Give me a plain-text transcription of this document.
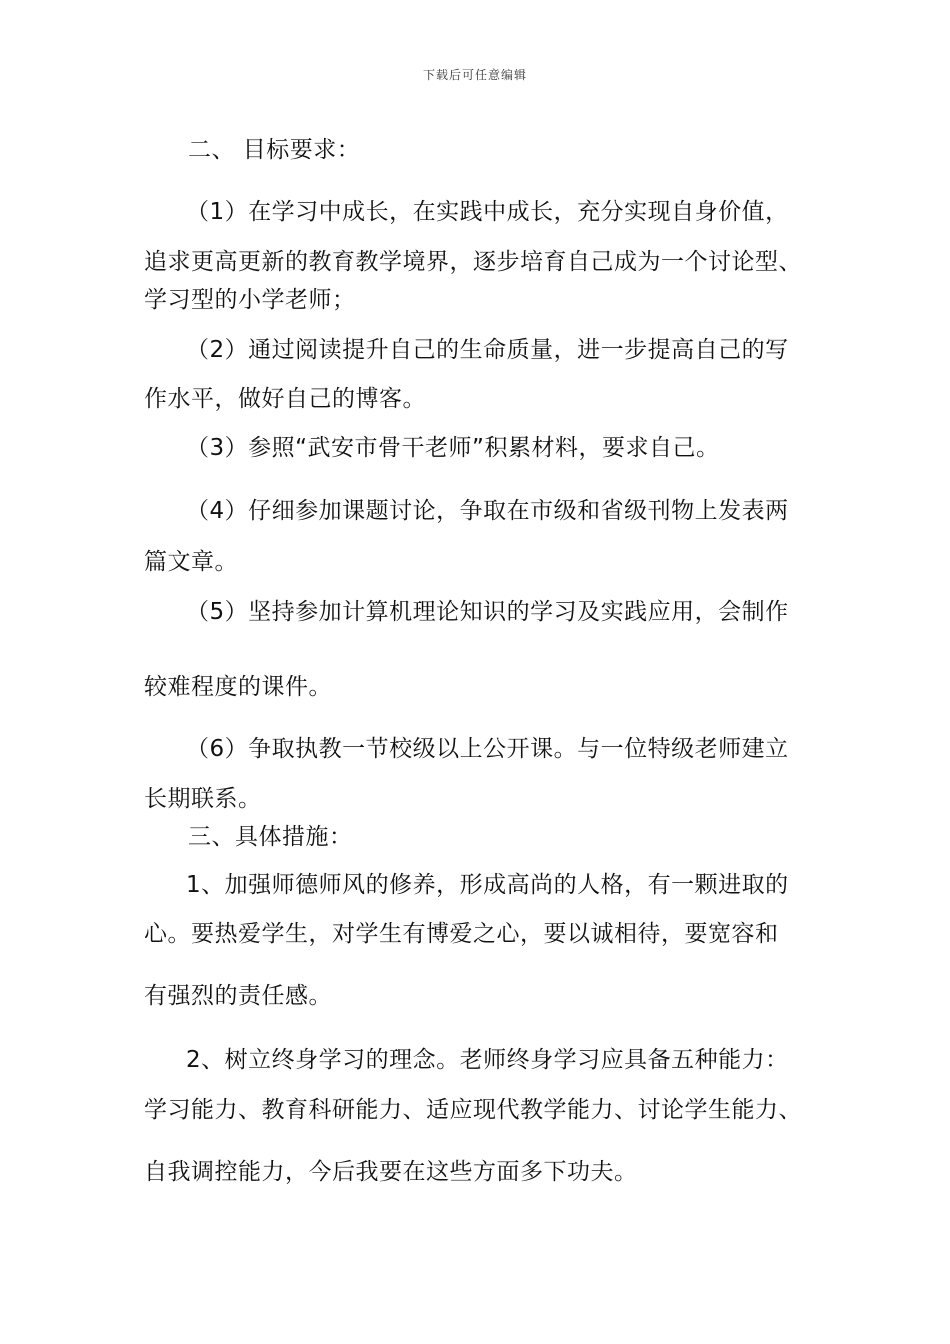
下载后可任意编辑
二、 目标要求：
（1）在学习中成长，在实践中成长，充分实现自身价值，
追求更高更新的教育教学境界，逐步培育自己成为一个讨论型、
学习型的小学老师；
（2）通过阅读提升自己的生命质量，进一步提高自己的写
作水平，做好自己的博客。
（3）参照“武安市骨干老师”积累材料，要求自己。
（4）仔细参加课题讨论，争取在市级和省级刊物上发表两
篇文章。
（5）坚持参加计算机理论知识的学习及实践应用，会制作
较难程度的课件。
（6）争取执教一节校级以上公开课。与一位特级老师建立
长期联系。
三、具体措施：
1、加强师德师风的修养，形成高尚的人格，有一颗进取的
心。要热爱学生，对学生有博爱之心，要以诚相待，要宽容和
有强烈的责任感。
2、树立终身学习的理念。老师终身学习应具备五种能力：
学习能力、教育科研能力、适应现代教学能力、讨论学生能力、
自我调控能力，今后我要在这些方面多下功夫。
